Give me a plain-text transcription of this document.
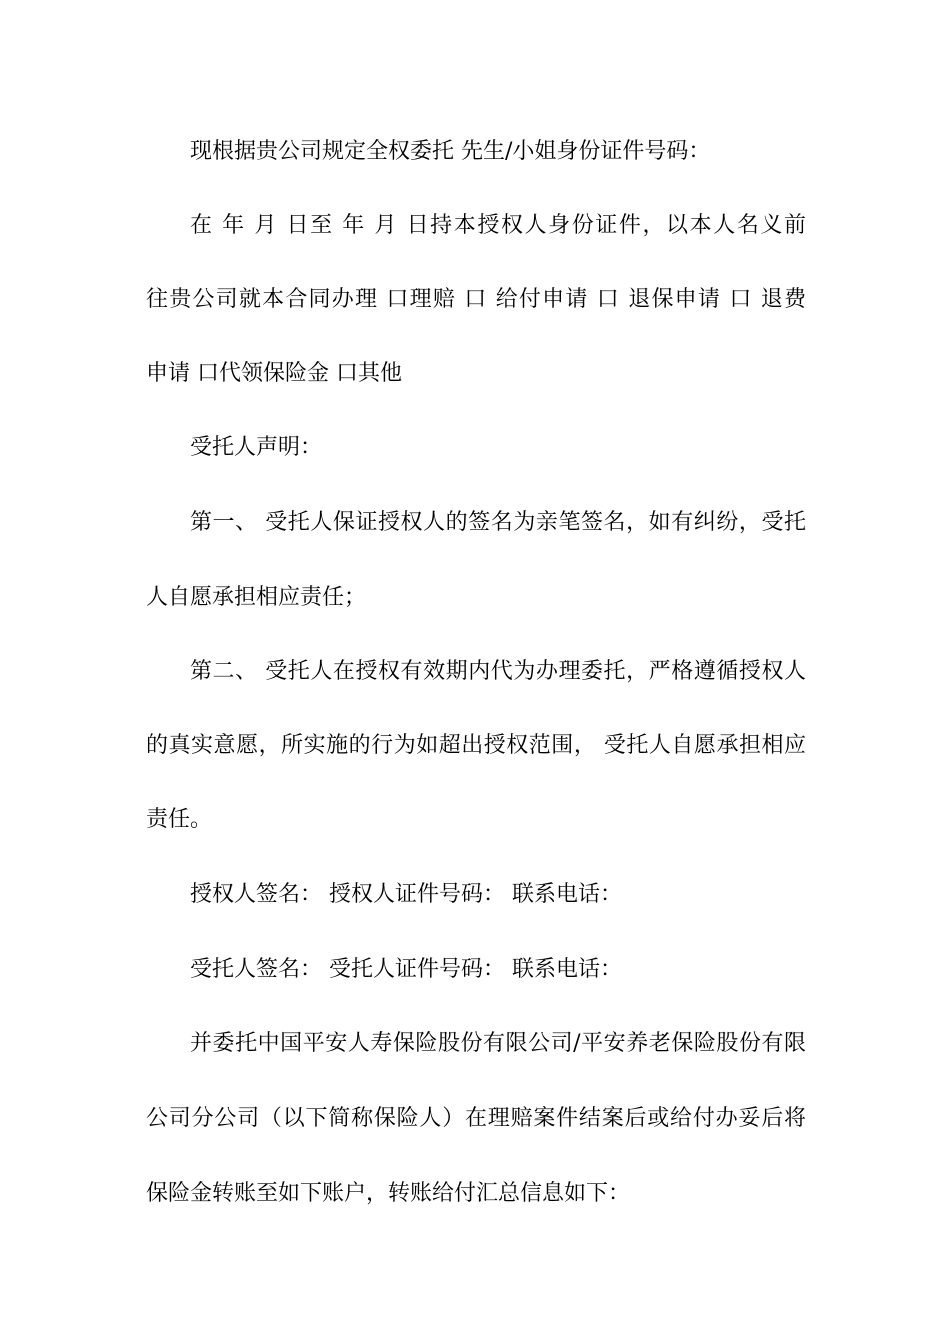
现根据贵公司规定全权委托 先生/小姐身份证件号码：
在 年 月 日至 年 月 日持本授权人身份证件，以本人名义前
往贵公司就本合同办理 口理赔 口 给付申请 口 退保申请 口 退费
申请 口代领保险金 口其他
受托人声明：
第一、 受托人保证授权人的签名为亲笔签名，如有纠纷，受托
人自愿承担相应责任；
第二、 受托人在授权有效期内代为办理委托，严格遵循授权人
的真实意愿，所实施的行为如超出授权范围， 受托人自愿承担相应
责任。
授权人签名： 授权人证件号码： 联系电话：
受托人签名： 受托人证件号码： 联系电话：
并委托中国平安人寿保险股份有限公司/平安养老保险股份有限
公司分公司（以下简称保险人）在理赔案件结案后或给付办妥后将
保险金转账至如下账户，转账给付汇总信息如下：
